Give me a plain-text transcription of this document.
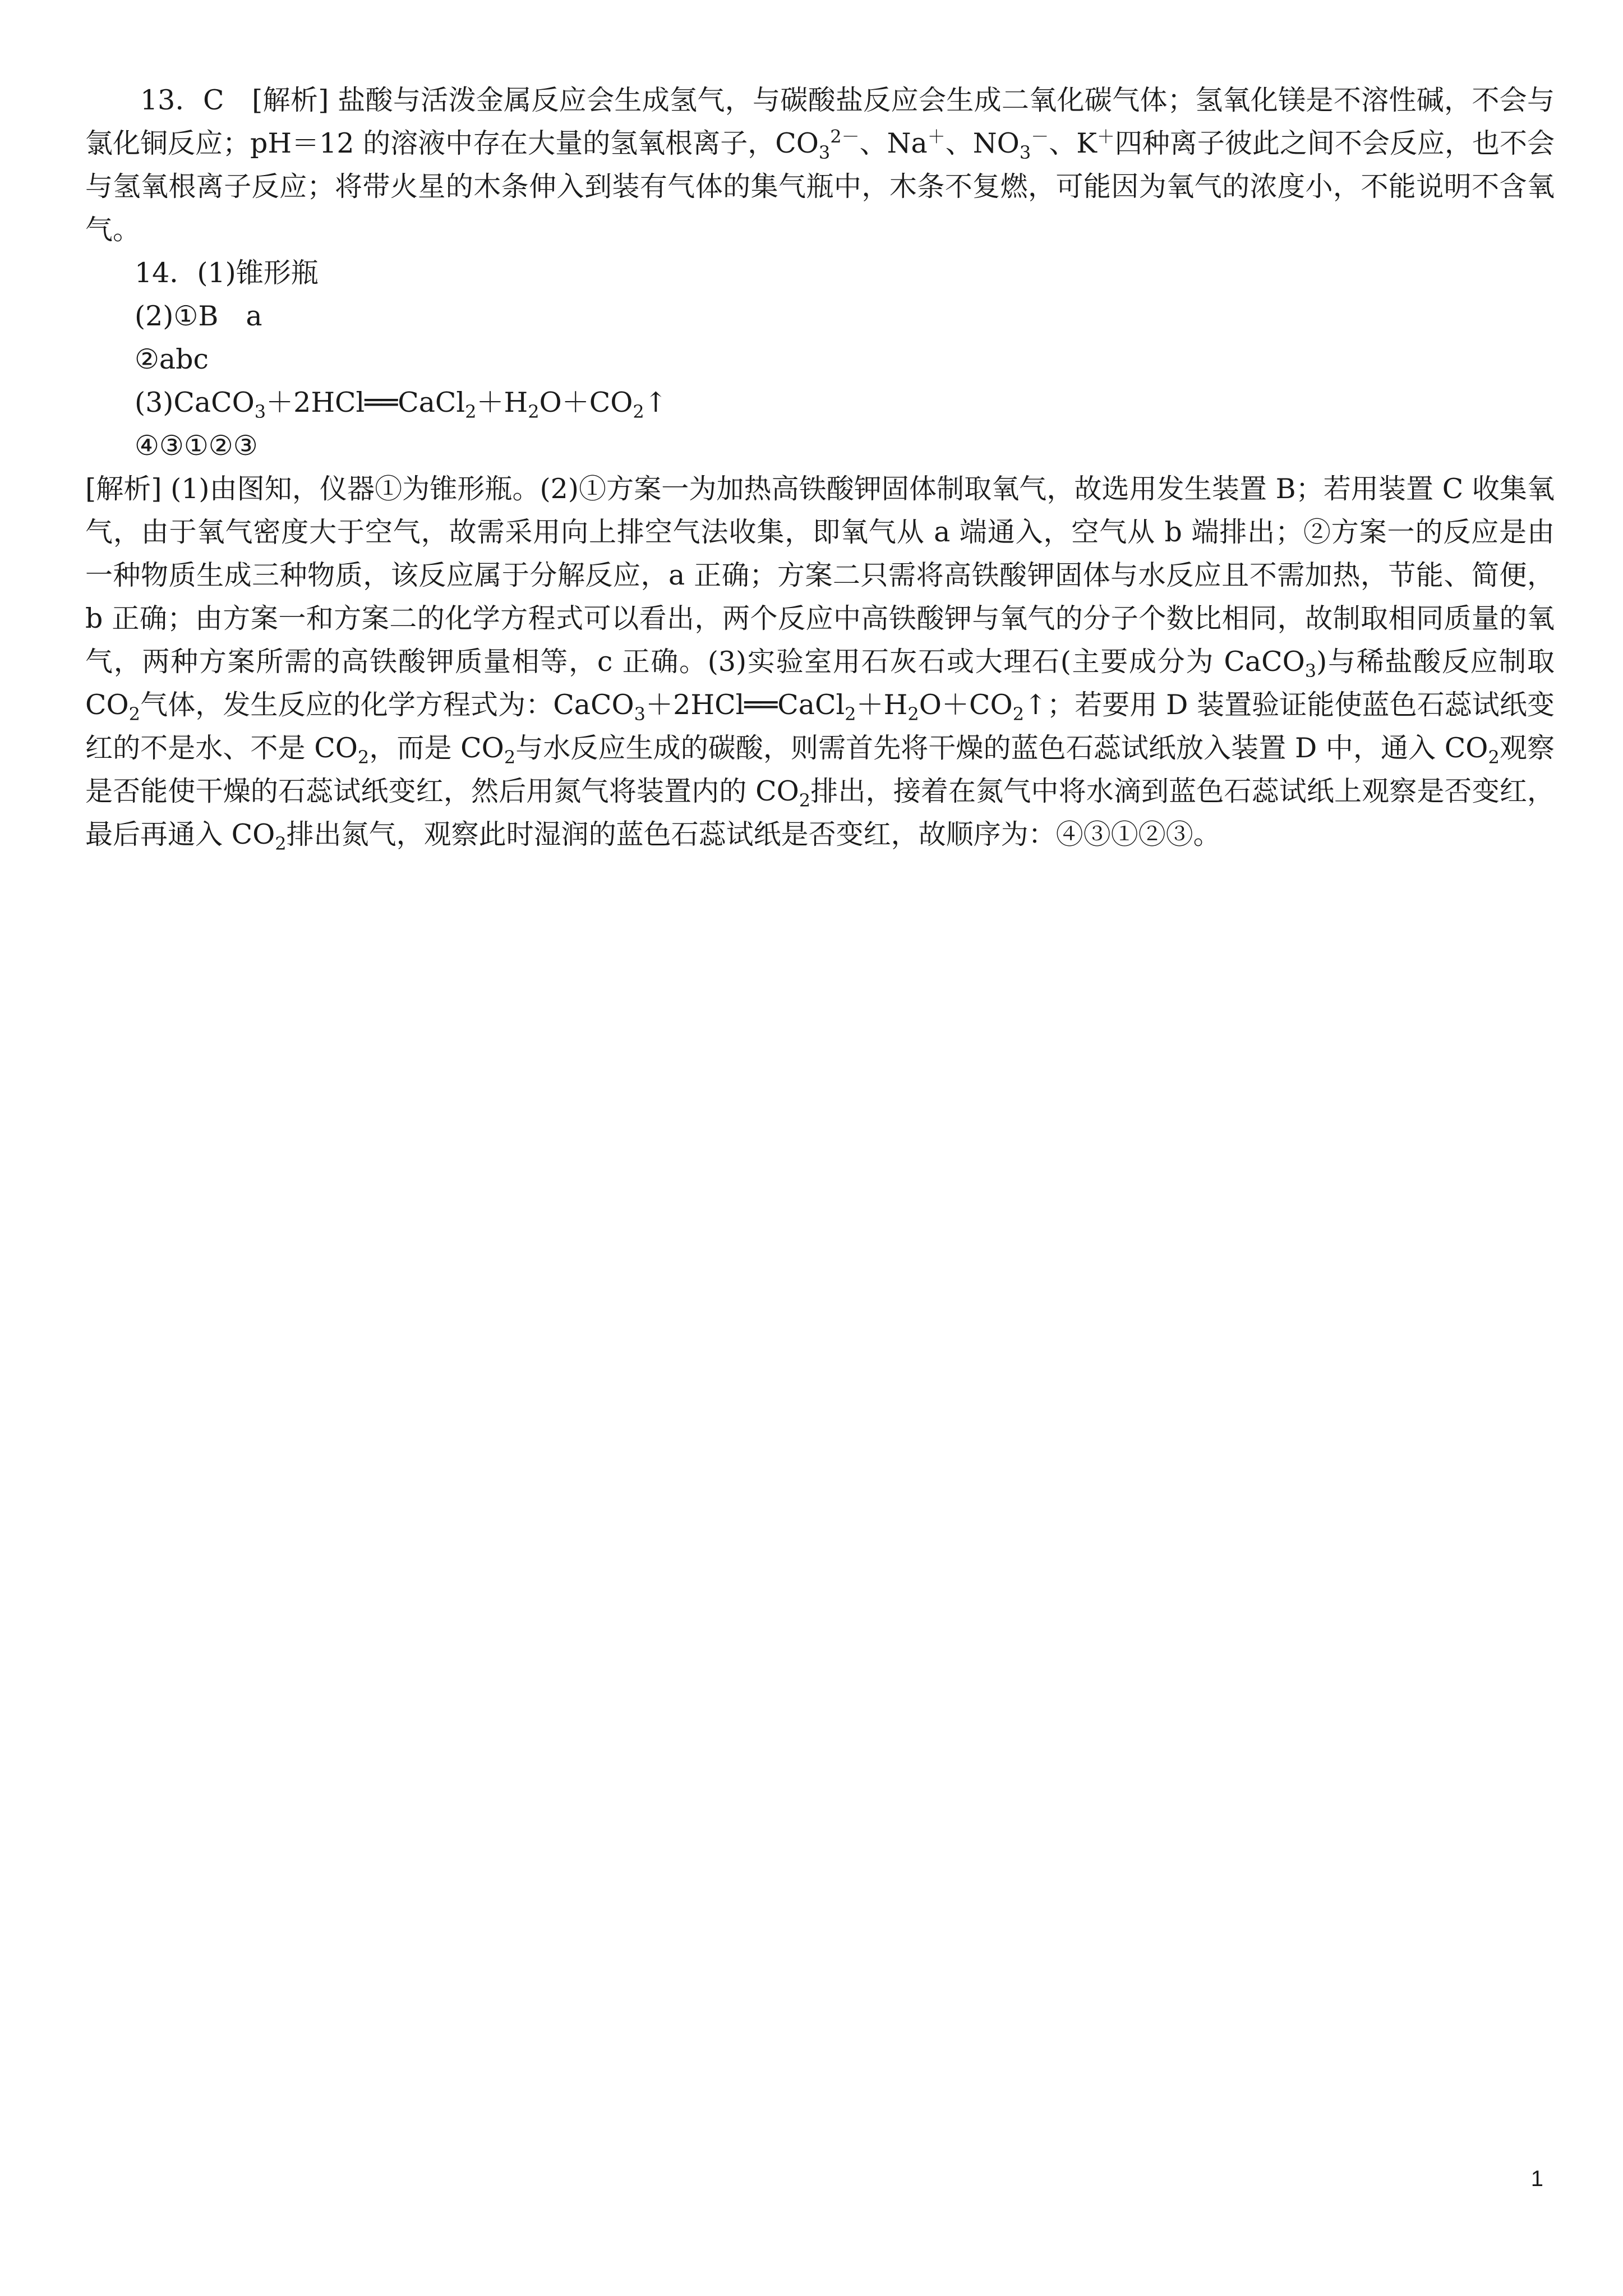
13．C　[解析] 盐酸与活泼金属反应会生成氢气，与碳酸盐反应会生成二氧化碳气体；氢氧化镁是不溶性碱，不会与氯化铜反应；pH＝12 的溶液中存在大量的氢氧根离子，$CO_3^{2-}$、Na＋、$NO_3^-$、K＋四种离子彼此之间不会反应，也不会与氢氧根离子反应；将带火星的木条伸入到装有气体的集气瓶中，木条不复燃，可能因为氧气的浓度小，不能说明不含氧气。

14．(1)锥形瓶

(2)①B　a

②abc

$(3)CaCO_3+2HCl══CaCl_2+H_2O+CO_2↑$

④③①②③

[解析] (1)由图知，仪器①为锥形瓶。(2)①方案一为加热高铁酸钾固体制取氧气，故选用发生装置 B；若用装置 C 收集氧气，由于氧气密度大于空气，故需采用向上排空气法收集，即氧气从 a 端通入，空气从 b 端排出；②方案一的反应是由一种物质生成三种物质，该反应属于分解反应，a 正确；方案二只需将高铁酸钾固体与水反应且不需加热，节能、简便，b 正确；由方案一和方案二的化学方程式可以看出，两个反应中高铁酸钾与氧气的分子个数比相同，故制取相同质量的氧气，两种方案所需的高铁酸钾质量相等，c 正确。(3)实验室用石灰石或大理石(主要成分为 CaCO$_3$)与稀盐酸反应制取 $CO_2$气体，发生反应的化学方程式为：$CaCO_3+2HCl══CaCl_2+H_2O+CO_2↑$；若要用 D 装置验证能使蓝色石蕊试纸变红的不是水、不是 $CO_2$，而是 $CO_2$与水反应生成的碳酸，则需首先将干燥的蓝色石蕊试纸放入装置 D 中，通入 $CO_2$观察是否能使干燥的石蕊试纸变红，然后用氮气将装置内的 $CO_2$排出，接着在氮气中将水滴到蓝色石蕊试纸上观察是否变红，最后再通入 $CO_2$排出氮气，观察此时湿润的蓝色石蕊试纸是否变红，故顺序为：④③①②③。

1
